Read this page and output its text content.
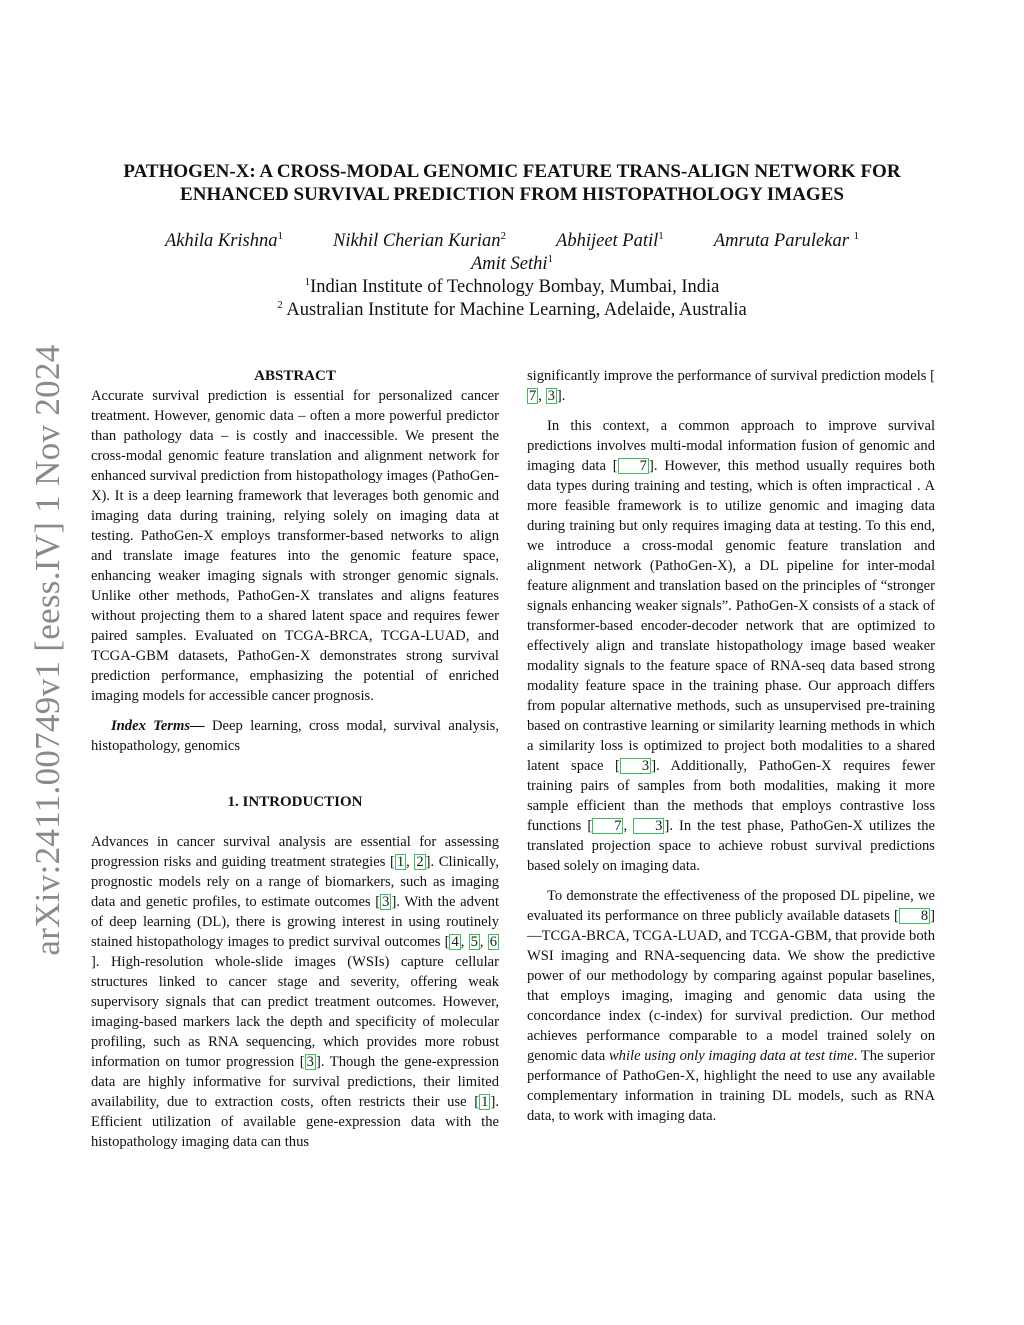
arXiv:2411.00749v1 [eess.IV] 1 Nov 2024
PATHOGEN-X: A CROSS-MODAL GENOMIC FEATURE TRANS-ALIGN NETWORK FOR
ENHANCED SURVIVAL PREDICTION FROM HISTOPATHOLOGY IMAGES
Akhila Krishna$^1$	Nikhil Cherian Kurian$^2$	Abhijeet Patil$^1$	Amruta Parulekar $^1$
Amit Sethi$^1$
$^1$Indian Institute of Technology Bombay, Mumbai, India
$^2$ Australian Institute for Machine Learning, Adelaide, Australia
ABSTRACT

Accurate survival prediction is essential for personalized cancer treatment. However, genomic data – often a more powerful predictor than pathology data – is costly and inaccessible. We present the cross-modal genomic feature translation and alignment network for enhanced survival prediction from histopathology images (PathoGen-X). It is a deep learning framework that leverages both genomic and imaging data during training, relying solely on imaging data at testing. PathoGen-X employs transformer-based networks to align and translate image features into the genomic feature space, enhancing weaker imaging signals with stronger genomic signals. Unlike other methods, PathoGen-X translates and aligns features without projecting them to a shared latent space and requires fewer paired samples. Evaluated on TCGA-BRCA, TCGA-LUAD, and TCGA-GBM datasets, PathoGen-X demonstrates strong survival prediction performance, emphasizing the potential of enriched imaging models for accessible cancer prognosis.

Index Terms— Deep learning, cross modal, survival analysis, histopathology, genomics

1. INTRODUCTION

Advances in cancer survival analysis are essential for assessing progression risks and guiding treatment strategies [ 1 , 2 ]. Clinically, prognostic models rely on a range of biomarkers, such as imaging data and genetic profiles, to estimate outcomes [ 3 ]. With the advent of deep learning (DL), there is growing interest in using routinely stained histopathology images to predict survival outcomes [ 4 , 5 , 6]. High-resolution whole-slide images (WSIs) capture cellular structures linked to cancer stage and severity, offering weak supervisory signals that can predict treatment outcomes. However, imaging-based markers lack the depth and specificity of molecular profiling, such as RNA sequencing, which provides more robust information on tumor progression [ 3 ]. Though the gene-expression data are highly informative for survival predictions, their limited availability, due to extraction costs, often restricts their use [ 1 ]. Efficient utilization of available gene-expression data with the histopathology imaging data can thus

significantly improve the performance of survival prediction models [7 , 3 ].

In this context, a common approach to improve survival predictions involves multi-modal information fusion of genomic and imaging data [ 7 ]. However, this method usually requires both data types during training and testing, which is often impractical . A more feasible framework is to utilize genomic and imaging data during training but only requires imaging data at testing. To this end, we introduce a cross-modal genomic feature translation and alignment network (PathoGen-X), a DL pipeline for inter-modal feature alignment and translation based on the principles of “stronger signals enhancing weaker signals”. PathoGen-X consists of a stack of transformer-based encoder-decoder network that are optimized to effectively align and translate histopathology image based weaker modality signals to the feature space of RNA-seq data based strong modality feature space in the training phase. Our approach differs from popular alternative methods, such as unsupervised pre-training based on contrastive learning or similarity learning methods in which a similarity loss is optimized to project both modalities to a shared latent space [ 3 ]. Additionally, PathoGen-X requires fewer training pairs of samples from both modalities, making it more sample efficient than the methods that employs contrastive loss functions [ 7 , 3 ]. In the test phase, PathoGen-X utilizes the translated projection space to achieve robust survival predictions based solely on imaging data.

To demonstrate the effectiveness of the proposed DL pipeline, we evaluated its performance on three publicly available datasets [ 8 ]—TCGA-BRCA, TCGA-LUAD, and TCGA-GBM, that provide both WSI imaging and RNA-sequencing data. We show the predictive power of our methodology by comparing against popular baselines, that employs imaging, imaging and genomic data using the concordance index (c-index) for survival prediction. Our method achieves performance comparable to a model trained solely on genomic data while using only imaging data at test time. The superior performance of PathoGen-X, highlight the need to use any available complementary information in training DL models, such as RNA data, to work with imaging data.
